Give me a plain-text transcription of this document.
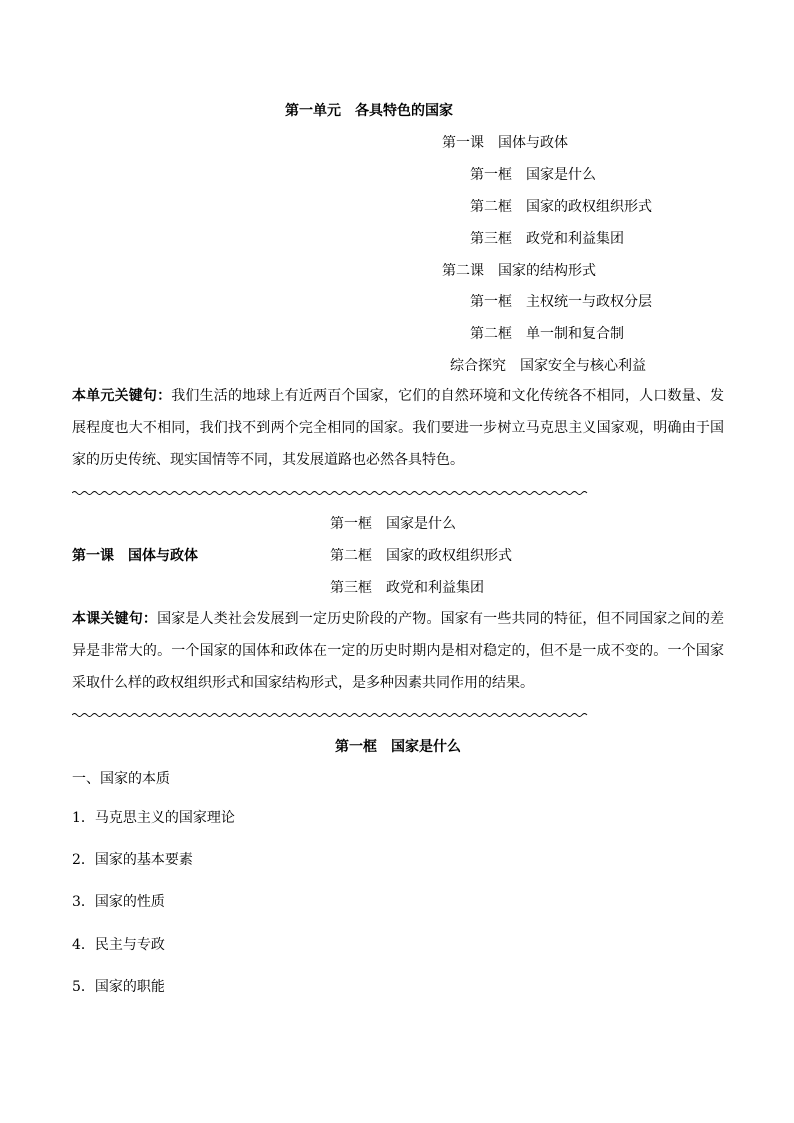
第一单元　各具特色的国家
第一课　国体与政体
第一框　国家是什么
第二框　国家的政权组织形式
第三框　政党和利益集团
第二课　国家的结构形式
第一框　主权统一与政权分层
第二框　单一制和复合制
综合探究　国家安全与核心利益
本单元关键句：我们生活的地球上有近两百个国家，它们的自然环境和文化传统各不相同，人口数量、发展程度也大不相同，我们找不到两个完全相同的国家。我们要进一步树立马克思主义国家观，明确由于国家的历史传统、现实国情等不同，其发展道路也必然各具特色。
第一框　国家是什么
第一课　国体与政体	第二框　国家的政权组织形式
第三框　政党和利益集团
本课关键句：国家是人类社会发展到一定历史阶段的产物。国家有一些共同的特征，但不同国家之间的差异是非常大的。一个国家的国体和政体在一定的历史时期内是相对稳定的，但不是一成不变的。一个国家采取什么样的政权组织形式和国家结构形式，是多种因素共同作用的结果。
第一框　国家是什么
一、国家的本质
1．马克思主义的国家理论
2．国家的基本要素
3．国家的性质
4．民主与专政
5．国家的职能
